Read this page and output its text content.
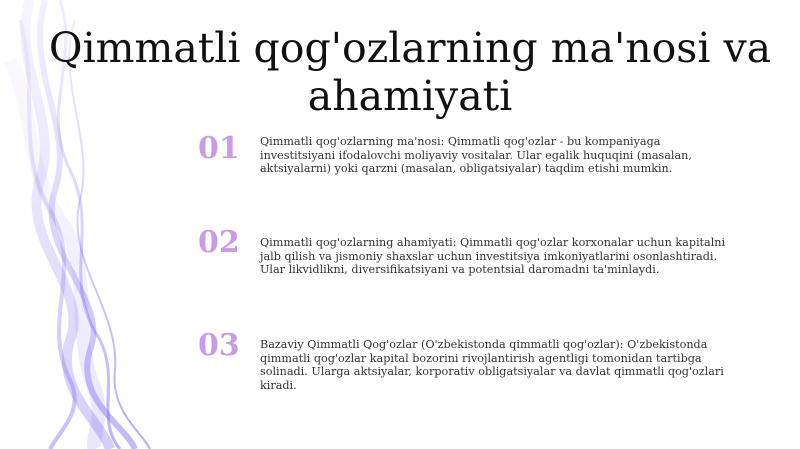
Qimmatli qog'ozlarning ma'nosi va ahamiyati
01 Qimmatli qog'ozlarning ma'nosi: Qimmatli qog'ozlar - bu kompaniyaga investitsiyani ifodalovchi moliyaviy vositalar. Ular egalik huquqini (masalan, aktsiyalarni) yoki qarzni (masalan, obligatsiyalar) taqdim etishi mumkin.
02 Qimmatli qog'ozlarning ahamiyati: Qimmatli qog'ozlar korxonalar uchun kapitalni jalb qilish va jismoniy shaxslar uchun investitsiya imkoniyatlarini osonlashtiradi. Ular likvidlikni, diversifikatsiyani va potentsial daromadni ta'minlaydi.
03 Bazaviy Qimmatli Qog'ozlar (O'zbekistonda qimmatli qog'ozlar): O'zbekistonda qimmatli qog'ozlar kapital bozorini rivojlantirish agentligi tomonidan tartibga solinadi. Ularga aktsiyalar, korporativ obligatsiyalar va davlat qimmatli qog'ozlari kiradi.
